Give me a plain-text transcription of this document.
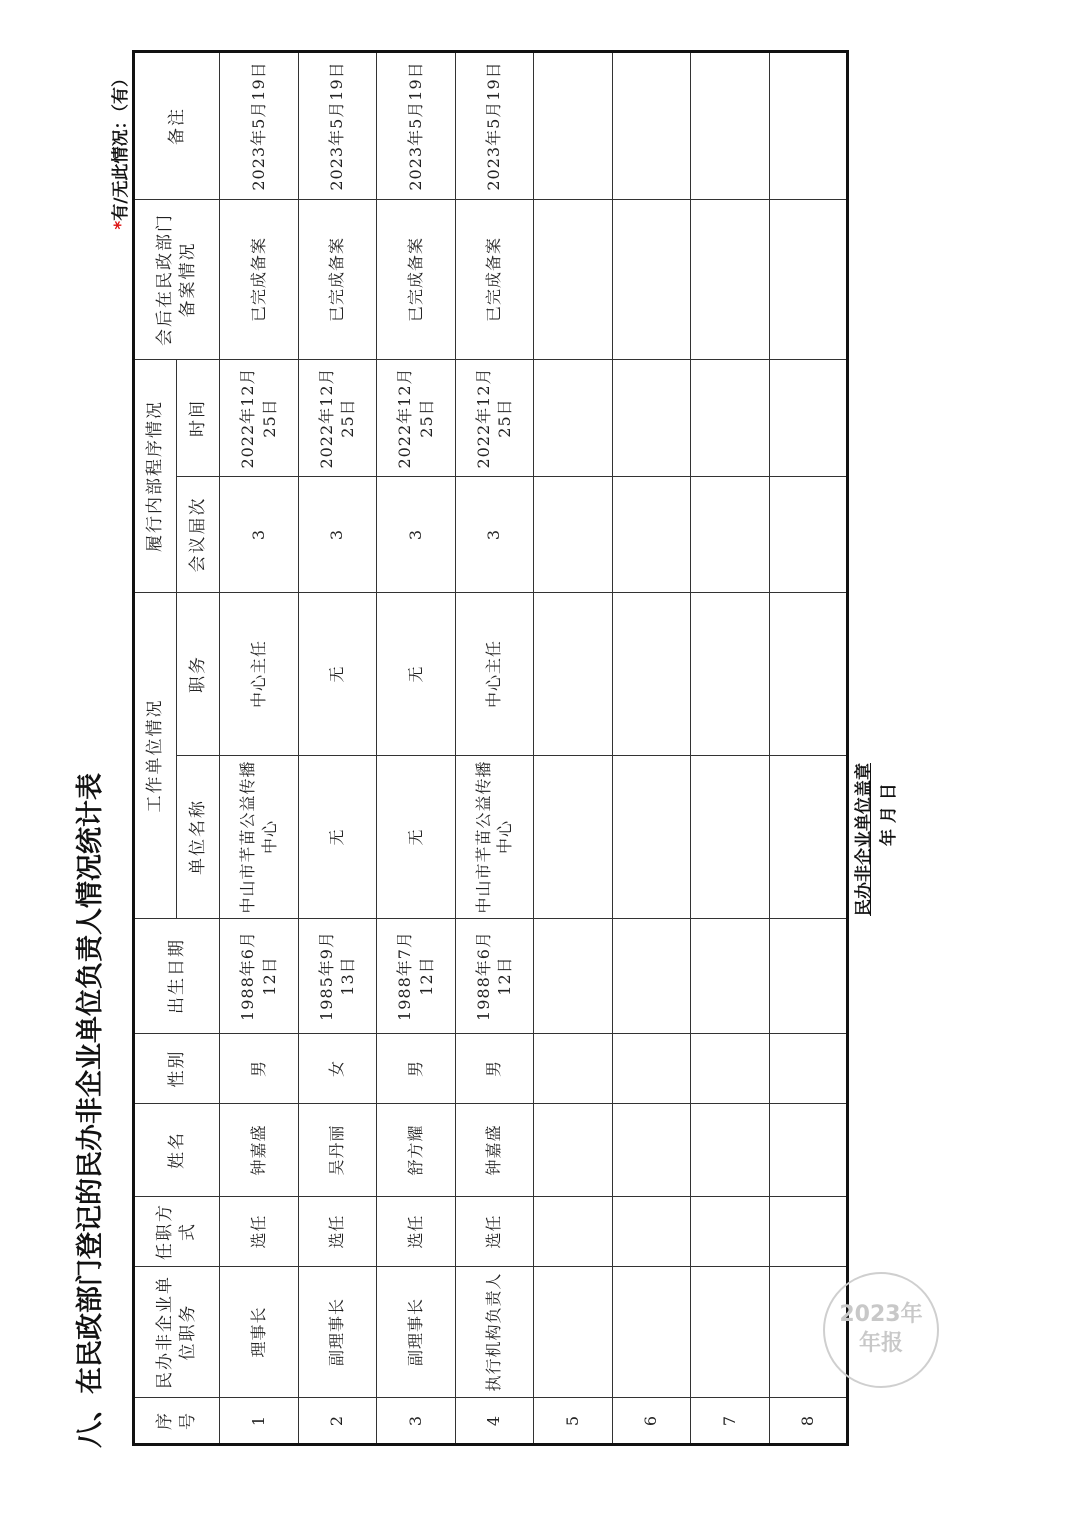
八、在民政部门登记的民办非企业单位负责人情况统计表
*有/无此情况：（有）
序号	民办非企业单位职务	任职方式	姓名	性别	出生日期	工作单位情况		履行内部程序情况		会后在民政部门备案情况	备注
						单位名称	职务	会议届次	时间		
1	理事长	选任	钟嘉盛	男	1988年6月12日	中山市芊苗公益传播中心	中心主任	3	2022年12月25日	已完成备案	2023年5月19日
2	副理事长	选任	吴丹丽	女	1985年9月13日	无	无	3	2022年12月25日	已完成备案	2023年5月19日
3	副理事长	选任	舒方耀	男	1988年7月12日	无	无	3	2022年12月25日	已完成备案	2023年5月19日
4	执行机构负责人	选任	钟嘉盛	男	1988年6月12日	中山市芊苗公益传播中心	中心主任	3	2022年12月25日	已完成备案	2023年5月19日
5											
6											
7											
8											
民办非企业单位盖章 年 月 日
2023年
年报
